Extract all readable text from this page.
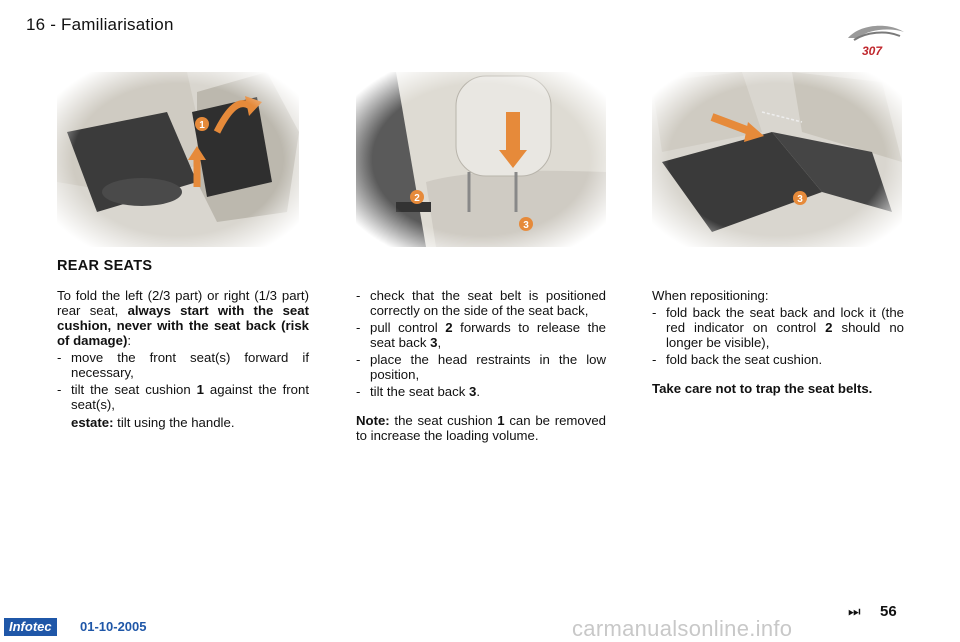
16 - Familiarisation
307
REAR SEATS

To fold the left (2/3 part) or right (1/3 part) rear seat, always start with the seat cushion, never with the seat back (risk of damage):

- move the front seat(s) forward if necessary,
- tilt the seat cushion 1 against the front seat(s),

estate: tilt using the handle.

- check that the seat belt is positioned correctly on the side of the seat back,
- pull control 2 forwards to release the seat back 3,
- place the head restraints in the low position,
- tilt the seat back 3.

Note: the seat cushion 1 can be removed to increase the loading volume.

When repositioning:

- fold back the seat back and lock it (the red indicator on control 2 should no longer be visible),
- fold back the seat cushion.

Take care not to trap the seat belts.

⏭ 56
Infotec	01-10-2005	carmanualsonline.info
